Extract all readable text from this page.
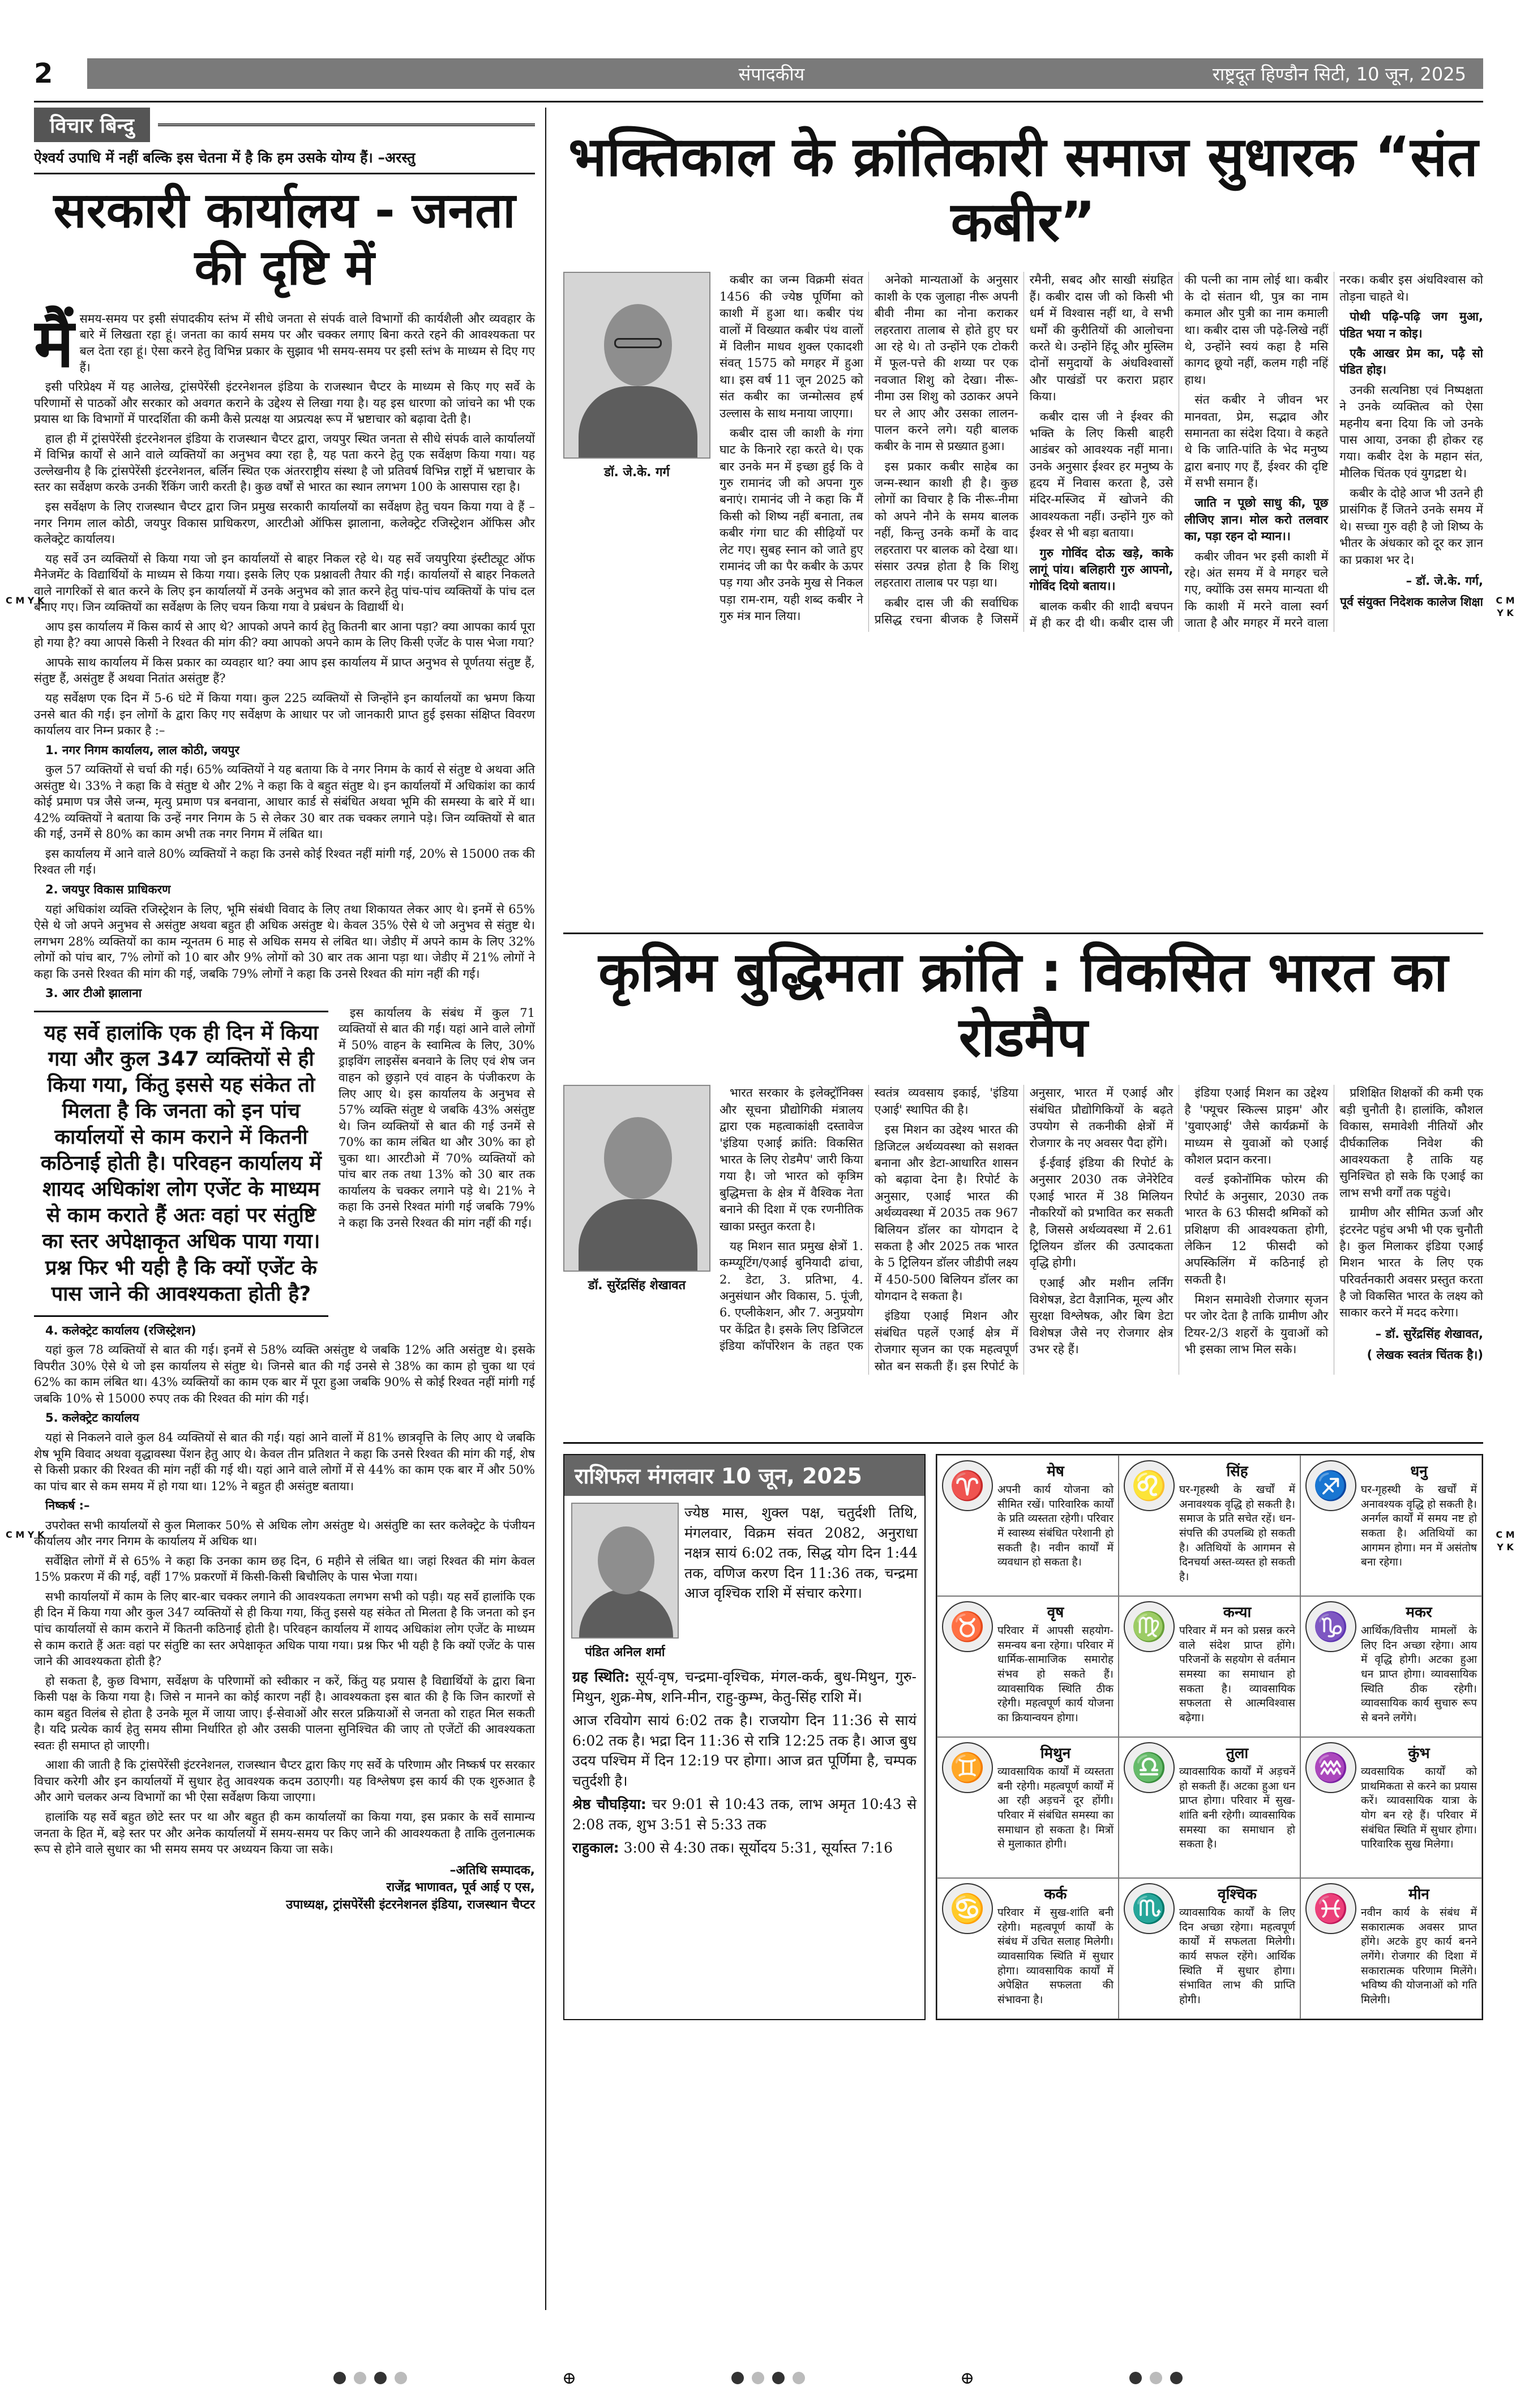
2	संपादकीय	राष्ट्रदूत हिण्डौन सिटी, 10 जून, 2025
विचार बिन्दु
ऐश्वर्य उपाधि में नहीं बल्कि इस चेतना में है कि हम उसके योग्य हैं। –अरस्तु
सरकारी कार्यालय - जनता की दृष्टि में
मैं समय-समय पर इसी संपादकीय स्तंभ में सीधे जनता से संपर्क वाले विभागों की कार्यशैली और व्यवहार के बारे में लिखता रहा हूं। जनता का कार्य समय पर और चक्कर लगाए बिना करते रहने की आवश्यकता पर बल देता रहा हूं। ऐसा करने हेतु विभिन्न प्रकार के सुझाव भी समय-समय पर इसी स्तंभ के माध्यम से दिए गए हैं।

इसी परिप्रेक्ष्य में यह आलेख, ट्रांसपेरेंसी इंटरनेशनल इंडिया के राजस्थान चैप्टर के माध्यम से किए गए सर्वे के परिणामों से पाठकों और सरकार को अवगत कराने के उद्देश्य से लिखा गया है। यह इस धारणा को जांचने का भी एक प्रयास था कि विभागों में पारदर्शिता की कमी कैसे प्रत्यक्ष या अप्रत्यक्ष रूप में भ्रष्टाचार को बढ़ावा देती है।

हाल ही में ट्रांसपेरेंसी इंटरनेशनल इंडिया के राजस्थान चैप्टर द्वारा, जयपुर स्थित जनता से सीधे संपर्क वाले कार्यालयों में विभिन्न कार्यों से आने वाले व्यक्तियों का अनुभव क्या रहा है, यह पता करने हेतु एक सर्वेक्षण किया गया। यह उल्लेखनीय है कि ट्रांसपेरेंसी इंटरनेशनल, बर्लिन स्थित एक अंतरराष्ट्रीय संस्था है जो प्रतिवर्ष विभिन्न राष्ट्रों में भ्रष्टाचार के स्तर का सर्वेक्षण करके उनकी रैंकिंग जारी करती है। कुछ वर्षों से भारत का स्थान लगभग 100 के आसपास रहा है।

इस सर्वेक्षण के लिए राजस्थान चैप्टर द्वारा जिन प्रमुख सरकारी कार्यालयों का सर्वेक्षण हेतु चयन किया गया वे हैं – नगर निगम लाल कोठी, जयपुर विकास प्राधिकरण, आरटीओ ऑफिस झालाना, कलेक्ट्रेट रजिस्ट्रेशन ऑफिस और कलेक्ट्रेट कार्यालय।

यह सर्वे उन व्यक्तियों से किया गया जो इन कार्यालयों से बाहर निकल रहे थे। यह सर्वे जयपुरिया इंस्टीट्यूट ऑफ मैनेजमेंट के विद्यार्थियों के माध्यम से किया गया। इसके लिए एक प्रश्नावली तैयार की गई। कार्यालयों से बाहर निकलते वाले नागरिकों से बात करने के लिए इन कार्यालयों में उनके अनुभव को ज्ञात करने हेतु पांच-पांच व्यक्तियों के पांच दल बनाए गए। जिन व्यक्तियों का सर्वेक्षण के लिए चयन किया गया वे प्रबंधन के विद्यार्थी थे।

आप इस कार्यालय में किस कार्य से आए थे? आपको अपने कार्य हेतु कितनी बार आना पड़ा? क्या आपका कार्य पूरा हो गया है? क्या आपसे किसी ने रिश्वत की मांग की? क्या आपको अपने काम के लिए किसी एजेंट के पास भेजा गया?

आपके साथ कार्यालय में किस प्रकार का व्यवहार था? क्या आप इस कार्यालय में प्राप्त अनुभव से पूर्णतया संतुष्ट हैं, संतुष्ट हैं, असंतुष्ट हैं अथवा नितांत असंतुष्ट हैं?

यह सर्वेक्षण एक दिन में 5-6 घंटे में किया गया। कुल 225 व्यक्तियों से जिन्होंने इन कार्यालयों का भ्रमण किया उनसे बात की गई। इन लोगों के द्वारा किए गए सर्वेक्षण के आधार पर जो जानकारी प्राप्त हुई इसका संक्षिप्त विवरण कार्यालय वार निम्न प्रकार है :–

1. नगर निगम कार्यालय, लाल कोठी, जयपुर

कुल 57 व्यक्तियों से चर्चा की गई। 65% व्यक्तियों ने यह बताया कि वे नगर निगम के कार्य से संतुष्ट थे अथवा अति असंतुष्ट थे। 33% ने कहा कि वे संतुष्ट थे और 2% ने कहा कि वे बहुत संतुष्ट थे। इन कार्यालयों में अधिकांश का कार्य कोई प्रमाण पत्र जैसे जन्म, मृत्यु प्रमाण पत्र बनवाना, आधार कार्ड से संबंधित अथवा भूमि की समस्या के बारे में था। 42% व्यक्तियों ने बताया कि उन्हें नगर निगम के 5 से लेकर 30 बार तक चक्कर लगाने पड़े। जिन व्यक्तियों से बात की गई, उनमें से 80% का काम अभी तक नगर निगम में लंबित था।

इस कार्यालय में आने वाले 80% व्यक्तियों ने कहा कि उनसे कोई रिश्वत नहीं मांगी गई, 20% से 15000 तक की रिश्वत ली गई।

2. जयपुर विकास प्राधिकरण

यहां अधिकांश व्यक्ति रजिस्ट्रेशन के लिए, भूमि संबंधी विवाद के लिए तथा शिकायत लेकर आए थे। इनमें से 65% ऐसे थे जो अपने अनुभव से असंतुष्ट अथवा बहुत ही अधिक असंतुष्ट थे। केवल 35% ऐसे थे जो अनुभव से संतुष्ट थे। लगभग 28% व्यक्तियों का काम न्यूनतम 6 माह से अधिक समय से लंबित था। जेडीए में अपने काम के लिए 32% लोगों को पांच बार, 7% लोगों को 10 बार और 9% लोगों को 30 बार तक आना पड़ा था। जेडीए में 21% लोगों ने कहा कि उनसे रिश्वत की मांग की गई, जबकि 79% लोगों ने कहा कि उनसे रिश्वत की मांग नहीं की गई।

3. आर टीओ झालाना

यह सर्वे हालांकि एक ही दिन में किया गया और कुल 347 व्यक्तियों से ही किया गया, किंतु इससे यह संकेत तो मिलता है कि जनता को इन पांच कार्यालयों से काम कराने में कितनी कठिनाई होती है। परिवहन कार्यालय में शायद अधिकांश लोग एजेंट के माध्यम से काम कराते हैं अतः वहां पर संतुष्टि का स्तर अपेक्षाकृत अधिक पाया गया। प्रश्न फिर भी यही है कि क्यों एजेंट के पास जाने की आवश्यकता होती है?

इस कार्यालय के संबंध में कुल 71 व्यक्तियों से बात की गई। यहां आने वाले लोगों में 50% वाहन के स्वामित्व के लिए, 30% ड्राइविंग लाइसेंस बनवाने के लिए एवं शेष जन वाहन को छुड़ाने एवं वाहन के पंजीकरण के लिए आए थे। इस कार्यालय के अनुभव से 57% व्यक्ति संतुष्ट थे जबकि 43% असंतुष्ट थे। जिन व्यक्तियों से बात की गई उनमें से 70% का काम लंबित था और 30% का हो चुका था। आरटीओ में 70% व्यक्तियों को पांच बार तक तथा 13% को 30 बार तक कार्यालय के चक्कर लगाने पड़े थे। 21% ने कहा कि उनसे रिश्वत मांगी गई जबकि 79% ने कहा कि उनसे रिश्वत की मांग नहीं की गई।

4. कलेक्ट्रेट कार्यालय (रजिस्ट्रेशन)

यहां कुल 78 व्यक्तियों से बात की गई। इनमें से 58% व्यक्ति असंतुष्ट थे जबकि 12% अति असंतुष्ट थे। इसके विपरीत 30% ऐसे थे जो इस कार्यालय से संतुष्ट थे। जिनसे बात की गई उनसे से 38% का काम हो चुका था एवं 62% का काम लंबित था। 43% व्यक्तियों का काम एक बार में पूरा हुआ जबकि 90% से कोई रिश्वत नहीं मांगी गई जबकि 10% से 15000 रुपए तक की रिश्वत की मांग की गई।

5. कलेक्ट्रेट कार्यालय

यहां से निकलने वाले कुल 84 व्यक्तियों से बात की गई। यहां आने वालों में 81% छात्रवृत्ति के लिए आए थे जबकि शेष भूमि विवाद अथवा वृद्धावस्था पेंशन हेतु आए थे। केवल तीन प्रतिशत ने कहा कि उनसे रिश्वत की मांग की गई, शेष से किसी प्रकार की रिश्वत की मांग नहीं की गई थी। यहां आने वाले लोगों में से 44% का काम एक बार में और 50% का पांच बार से कम समय में हो गया था। 12% ने बहुत ही असंतुष्ट बताया।

निष्कर्ष :–

उपरोक्त सभी कार्यालयों से कुल मिलाकर 50% से अधिक लोग असंतुष्ट थे। असंतुष्टि का स्तर कलेक्ट्रेट के पंजीयन कार्यालय और नगर निगम के कार्यालय में अधिक था।

सर्वेक्षित लोगों में से 65% ने कहा कि उनका काम छह दिन, 6 महीने से लंबित था। जहां रिश्वत की मांग केवल 15% प्रकरण में की गई, वहीं 17% प्रकरणों में किसी-किसी बिचौलिए के पास भेजा गया।

सभी कार्यालयों में काम के लिए बार-बार चक्कर लगाने की आवश्यकता लगभग सभी को पड़ी। यह सर्वे हालांकि एक ही दिन में किया गया और कुल 347 व्यक्तियों से ही किया गया, किंतु इससे यह संकेत तो मिलता है कि जनता को इन पांच कार्यालयों से काम कराने में कितनी कठिनाई होती है। परिवहन कार्यालय में शायद अधिकांश लोग एजेंट के माध्यम से काम कराते हैं अतः वहां पर संतुष्टि का स्तर अपेक्षाकृत अधिक पाया गया। प्रश्न फिर भी यही है कि क्यों एजेंट के पास जाने की आवश्यकता होती है?

हो सकता है, कुछ विभाग, सर्वेक्षण के परिणामों को स्वीकार न करें, किंतु यह प्रयास है विद्यार्थियों के द्वारा बिना किसी पक्ष के किया गया है। जिसे न मानने का कोई कारण नहीं है। आवश्यकता इस बात की है कि जिन कारणों से काम बहुत विलंब से होता है उनके मूल में जाया जाए। ई-सेवाओं और सरल प्रक्रियाओं से जनता को राहत मिल सकती है। यदि प्रत्येक कार्य हेतु समय सीमा निर्धारित हो और उसकी पालना सुनिश्चित की जाए तो एजेंटों की आवश्यकता स्वतः ही समाप्त हो जाएगी।

आशा की जाती है कि ट्रांसपेरेंसी इंटरनेशनल, राजस्थान चैप्टर द्वारा किए गए सर्वे के परिणाम और निष्कर्ष पर सरकार विचार करेगी और इन कार्यालयों में सुधार हेतु आवश्यक कदम उठाएगी। यह विश्लेषण इस कार्य की एक शुरुआत है और आगे चलकर अन्य विभागों का भी ऐसा सर्वेक्षण किया जाएगा।

हालांकि यह सर्वे बहुत छोटे स्तर पर था और बहुत ही कम कार्यालयों का किया गया, इस प्रकार के सर्वे सामान्य जनता के हित में, बड़े स्तर पर और अनेक कार्यालयों में समय-समय पर किए जाने की आवश्यकता है ताकि तुलनात्मक रूप से होने वाले सुधार का भी समय समय पर अध्ययन किया जा सके।

–अतिथि सम्पादक,
राजेंद्र भाणावत, पूर्व आई ए एस,
उपाध्यक्ष, ट्रांसपेरेंसी इंटरनेशनल इंडिया, राजस्थान चैप्टर
भक्तिकाल के क्रांतिकारी समाज सुधारक “संत कबीर”
डॉ. जे.के. गर्ग

कबीर का जन्म विक्रमी संवत 1456 की ज्येष्ठ पूर्णिमा को काशी में हुआ था। कबीर पंथ वालों में विख्यात कबीर पंथ वालों में विलीन माधव शुक्ल एकादशी संवत् 1575 को मगहर में हुआ था। इस वर्ष 11 जून 2025 को संत कबीर का जन्मोत्सव हर्ष उल्लास के साथ मनाया जाएगा।

कबीर दास जी काशी के गंगा घाट के किनारे रहा करते थे। एक बार उनके मन में इच्छा हुई कि वे गुरु रामानंद जी को अपना गुरु बनाएं। रामानंद जी ने कहा कि मैं किसी को शिष्य नहीं बनाता, तब कबीर गंगा घाट की सीढ़ियों पर लेट गए। सुबह स्नान को जाते हुए रामानंद जी का पैर कबीर के ऊपर पड़ गया और उनके मुख से निकल पड़ा राम-राम, यही शब्द कबीर ने गुरु मंत्र मान लिया।

अनेको मान्यताओं के अनुसार काशी के एक जुलाहा नीरू अपनी बीवी नीमा का नोना कराकर लहरतारा तालाब से होते हुए घर आ रहे थे। तो उन्होंने एक टोकरी में फूल-पत्ते की शय्या पर एक नवजात शिशु को देखा। नीरू-नीमा उस शिशु को उठाकर अपने घर ले आए और उसका लालन-पालन करने लगे। यही बालक कबीर के नाम से प्रख्यात हुआ।

इस प्रकार कबीर साहेब का जन्म-स्थान काशी ही है। कुछ लोगों का विचार है कि नीरू-नीमा को अपने नौने के समय बालक नहीं, किन्तु उनके कर्मों के वाद लहरतारा पर बालक को देखा था। संसार उत्पन्न होता है कि शिशु लहरतारा तालाब पर पड़ा था।

कबीर दास जी की सर्वाधिक प्रसिद्ध रचना बीजक है जिसमें रमैनी, सबद और साखी संग्रहित हैं। कबीर दास जी को किसी भी धर्म में विश्वास नहीं था, वे सभी धर्मों की कुरीतियों की आलोचना करते थे। उन्होंने हिंदू और मुस्लिम दोनों समुदायों के अंधविश्वासों और पाखंडों पर करारा प्रहार किया।

कबीर दास जी ने ईश्वर की भक्ति के लिए किसी बाहरी आडंबर को आवश्यक नहीं माना। उनके अनुसार ईश्वर हर मनुष्य के हृदय में निवास करता है, उसे मंदिर-मस्जिद में खोजने की आवश्यकता नहीं। उन्होंने गुरु को ईश्वर से भी बड़ा बताया।

गुरु गोविंद दोऊ खड़े, काके लागूं पांय। बलिहारी गुरु आपनो, गोविंद दियो बताय।।

बालक कबीर की शादी बचपन में ही कर दी थी। कबीर दास जी की पत्नी का नाम लोई था। कबीर के दो संतान थी, पुत्र का नाम कमाल और पुत्री का नाम कमाली था। कबीर दास जी पढ़े-लिखे नहीं थे, उन्होंने स्वयं कहा है मसि कागद छूयो नहीं, कलम गही नहिं हाथ।

संत कबीर ने जीवन भर मानवता, प्रेम, सद्भाव और समानता का संदेश दिया। वे कहते थे कि जाति-पांति के भेद मनुष्य द्वारा बनाए गए हैं, ईश्वर की दृष्टि में सभी समान हैं।

जाति न पूछो साधु की, पूछ लीजिए ज्ञान। मोल करो तलवार का, पड़ा रहन दो म्यान।।

कबीर जीवन भर इसी काशी में रहे। अंत समय में वे मगहर चले गए, क्योंकि उस समय मान्यता थी कि काशी में मरने वाला स्वर्ग जाता है और मगहर में मरने वाला नरक। कबीर इस अंधविश्वास को तोड़ना चाहते थे।

पोथी पढ़ि-पढ़ि जग मुआ, पंडित भया न कोइ।

एकै आखर प्रेम का, पढ़ै सो पंडित होइ।

उनकी सत्यनिष्ठा एवं निष्पक्षता ने उनके व्यक्तित्व को ऐसा महनीय बना दिया कि जो उनके पास आया, उनका ही होकर रह गया। कबीर देश के महान संत, मौलिक चिंतक एवं युगद्रष्टा थे।

कबीर के दोहे आज भी उतने ही प्रासंगिक हैं जितने उनके समय में थे। सच्चा गुरु वही है जो शिष्य के भीतर के अंधकार को दूर कर ज्ञान का प्रकाश भर दे।

– डॉ. जे.के. गर्ग,
पूर्व संयुक्त निदेशक कालेज शिक्षा
कृत्रिम बुद्धिमता क्रांति : विकसित भारत का रोडमैप
डॉ. सुरेंद्रसिंह शेखावत

भारत सरकार के इलेक्ट्रॉनिक्स और सूचना प्रौद्योगिकी मंत्रालय द्वारा एक महत्वाकांक्षी दस्तावेज 'इंडिया एआई क्रांति: विकसित भारत के लिए रोडमैप' जारी किया गया है। जो भारत को कृत्रिम बुद्धिमत्ता के क्षेत्र में वैश्विक नेता बनाने की दिशा में एक रणनीतिक खाका प्रस्तुत करता है।

यह मिशन सात प्रमुख क्षेत्रों 1. कम्प्यूटिंग/एआई बुनियादी ढांचा, 2. डेटा, 3. प्रतिभा, 4. अनुसंधान और विकास, 5. पूंजी, 6. एप्लीकेशन, और 7. अनुप्रयोग पर केंद्रित है। इसके लिए डिजिटल इंडिया कॉर्पोरेशन के तहत एक स्वतंत्र व्यवसाय इकाई, 'इंडिया एआई' स्थापित की है।

इस मिशन का उद्देश्य भारत की डिजिटल अर्थव्यवस्था को सशक्त बनाना और डेटा-आधारित शासन को बढ़ावा देना है। रिपोर्ट के अनुसार, एआई भारत की अर्थव्यवस्था में 2035 तक 967 बिलियन डॉलर का योगदान दे सकता है और 2025 तक भारत के 5 ट्रिलियन डॉलर जीडीपी लक्ष्य में 450-500 बिलियन डॉलर का योगदान दे सकता है।

इंडिया एआई मिशन और संबंधित पहलें एआई क्षेत्र में रोजगार सृजन का एक महत्वपूर्ण स्रोत बन सकती हैं। इस रिपोर्ट के अनुसार, भारत में एआई और संबंधित प्रौद्योगिकियों के बढ़ते उपयोग से तकनीकी क्षेत्रों में रोजगार के नए अवसर पैदा होंगे।

ई-ईवाई इंडिया की रिपोर्ट के अनुसार 2030 तक जेनेरेटिव एआई भारत में 38 मिलियन नौकरियों को प्रभावित कर सकती है, जिससे अर्थव्यवस्था में 2.61 ट्रिलियन डॉलर की उत्पादकता वृद्धि होगी।

एआई और मशीन लर्निंग विशेषज्ञ, डेटा वैज्ञानिक, मूल्य और सुरक्षा विश्लेषक, और बिग डेटा विशेषज्ञ जैसे नए रोजगार क्षेत्र उभर रहे हैं।

इंडिया एआई मिशन का उद्देश्य है 'फ्यूचर स्किल्स प्राइम' और 'युवाएआई' जैसे कार्यक्रमों के माध्यम से युवाओं को एआई कौशल प्रदान करना।

वर्ल्ड इकोनॉमिक फोरम की रिपोर्ट के अनुसार, 2030 तक भारत के 63 फीसदी श्रमिकों को प्रशिक्षण की आवश्यकता होगी, लेकिन 12 फीसदी को अपस्किलिंग में कठिनाई हो सकती है।

मिशन समावेशी रोजगार सृजन पर जोर देता है ताकि ग्रामीण और टियर-2/3 शहरों के युवाओं को भी इसका लाभ मिल सके।

प्रशिक्षित शिक्षकों की कमी एक बड़ी चुनौती है। हालांकि, कौशल विकास, समावेशी नीतियों और दीर्घकालिक निवेश की आवश्यकता है ताकि यह सुनिश्चित हो सके कि एआई का लाभ सभी वर्गों तक पहुंचे।

ग्रामीण और सीमित ऊर्जा और इंटरनेट पहुंच अभी भी एक चुनौती है। कुल मिलाकर इंडिया एआई मिशन भारत के लिए एक परिवर्तनकारी अवसर प्रस्तुत करता है जो विकसित भारत के लक्ष्य को साकार करने में मदद करेगा।

– डॉ. सुरेंद्रसिंह शेखावत,
( लेखक स्वतंत्र चिंतक है।)
राशिफल मंगलवार 10 जून, 2025
पंडित अनिल शर्मा
ज्येष्ठ मास, शुक्ल पक्ष, चतुर्दशी तिथि, मंगलवार, विक्रम संवत 2082, अनुराधा नक्षत्र सायं 6:02 तक, सिद्ध योग दिन 1:44 तक, वणिज करण दिन 11:36 तक, चन्द्रमा आज वृश्चिक राशि में संचार करेगा।
ग्रह स्थिति: सूर्य-वृष, चन्द्रमा-वृश्चिक, मंगल-कर्क, बुध-मिथुन, गुरु-मिथुन, शुक्र-मेष, शनि-मीन, राहु-कुम्भ, केतु-सिंह राशि में।
आज रवियोग सायं 6:02 तक है। राजयोग दिन 11:36 से सायं 6:02 तक है। भद्रा दिन 11:36 से रात्रि 12:25 तक है। आज बुध उदय पश्चिम में दिन 12:19 पर होगा। आज व्रत पूर्णिमा है, चम्पक चतुर्दशी है।
श्रेष्ठ चौघड़िया: चर 9:01 से 10:43 तक, लाभ अमृत 10:43 से 2:08 तक, शुभ 3:51 से 5:33 तक
राहुकाल: 3:00 से 4:30 तक। सूर्योदय 5:31, सूर्यास्त 7:16
♈	मेष
अपनी कार्य योजना को सीमित रखें। पारिवारिक कार्यों के प्रति व्यस्तता रहेगी। परिवार में स्वास्थ्य संबंधित परेशानी हो सकती है। नवीन कार्यों में व्यवधान हो सकता है।
♌	सिंह
घर-गृहस्थी के खर्चों में अनावश्यक वृद्धि हो सकती है। समाज के प्रति सचेत रहें। धन-संपत्ति की उपलब्धि हो सकती है। अतिथियों के आगमन से दिनचर्या अस्त-व्यस्त हो सकती है।
♐	धनु
घर-गृहस्थी के खर्चों में अनावश्यक वृद्धि हो सकती है। अनर्गल कार्यों में समय नष्ट हो सकता है। अतिथियों का आगमन होगा। मन में असंतोष बना रहेगा।
♉	वृष
परिवार में आपसी सहयोग-समन्वय बना रहेगा। परिवार में धार्मिक-सामाजिक समारोह संभव हो सकते हैं। व्यावसायिक स्थिति ठीक रहेगी। महत्वपूर्ण कार्य योजना का क्रियान्वयन होगा।
♍	कन्या
परिवार में मन को प्रसन्न करने वाले संदेश प्राप्त होंगे। परिजनों के सहयोग से वर्तमान समस्या का समाधान हो सकता है। व्यावसायिक सफलता से आत्मविश्वास बढ़ेगा।
♑	मकर
आर्थिक/वित्तीय मामलों के लिए दिन अच्छा रहेगा। आय में वृद्धि होगी। अटका हुआ धन प्राप्त होगा। व्यावसायिक स्थिति ठीक रहेगी। व्यावसायिक कार्य सुचारु रूप से बनने लगेंगे।
♊	मिथुन
व्यावसायिक कार्यों में व्यस्तता बनी रहेगी। महत्वपूर्ण कार्यों में आ रही अड़चनें दूर होंगी। परिवार में संबंधित समस्या का समाधान हो सकता है। मित्रों से मुलाकात होगी।
♎	तुला
व्यावसायिक कार्यों में अड़चनें हो सकती हैं। अटका हुआ धन प्राप्त होगा। परिवार में सुख-शांति बनी रहेगी। व्यावसायिक समस्या का समाधान हो सकता है।
♒	कुंभ
व्यवसायिक कार्यों को प्राथमिकता से करने का प्रयास करें। व्यावसायिक यात्रा के योग बन रहे हैं। परिवार में संबंधित स्थिति में सुधार होगा। पारिवारिक सुख मिलेगा।
♋	कर्क
परिवार में सुख-शांति बनी रहेगी। महत्वपूर्ण कार्यों के संबंध में उचित सलाह मिलेगी। व्यावसायिक स्थिति में सुधार होगा। व्यावसायिक कार्यों में अपेक्षित सफलता की संभावना है।
♏	वृश्चिक
व्यावसायिक कार्यों के लिए दिन अच्छा रहेगा। महत्वपूर्ण कार्यों में सफलता मिलेगी। कार्य सफल रहेंगे। आर्थिक स्थिति में सुधार होगा। संभावित लाभ की प्राप्ति होगी।
♓	मीन
नवीन कार्य के संबंध में सकारात्मक अवसर प्राप्त होंगे। अटके हुए कार्य बनने लगेंगे। रोजगार की दिशा में सकारात्मक परिणाम मिलेंगे। भविष्य की योजनाओं को गति मिलेगी।
C M Y K
C M Y K
C M Y K
C M Y K
⊕	⊕
